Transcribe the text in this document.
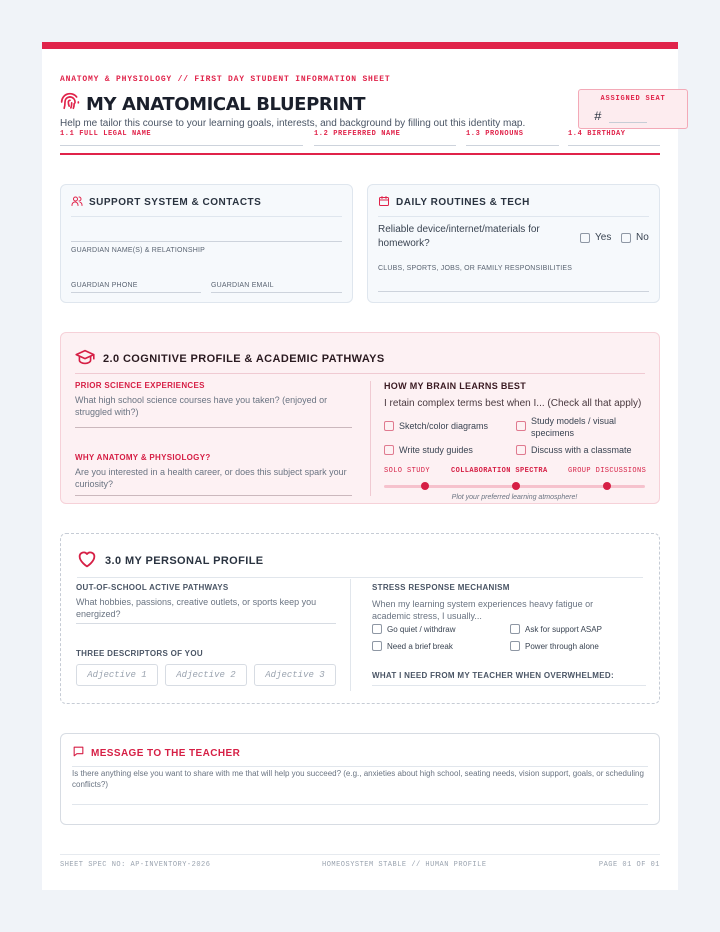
ANATOMY & PHYSIOLOGY // FIRST DAY STUDENT INFORMATION SHEET
MY ANATOMICAL BLUEPRINT
Help me tailor this course to your learning goals, interests, and background by filling out this identity map.
ASSIGNED SEAT
#
1.1 FULL LEGAL NAME	1.2 PREFERRED NAME	1.3 PRONOUNS	1.4 BIRTHDAY
SUPPORT SYSTEM & CONTACTS
GUARDIAN NAME(S) & RELATIONSHIP
GUARDIAN PHONE	GUARDIAN EMAIL
DAILY ROUTINES & TECH
Reliable device/internet/materials for homework?
Yes No
CLUBS, SPORTS, JOBS, OR FAMILY RESPONSIBILITIES
2.0 COGNITIVE PROFILE & ACADEMIC PATHWAYS
PRIOR SCIENCE EXPERIENCES
What high school science courses have you taken? (enjoyed or struggled with?)
WHY ANATOMY & PHYSIOLOGY?
Are you interested in a health career, or does this subject spark your curiosity?
HOW MY BRAIN LEARNS BEST
I retain complex terms best when I... (Check all that apply)
Sketch/color diagrams	Study models / visual specimens
Write study guides	Discuss with a classmate
SOLO STUDY	COLLABORATION SPECTRA	GROUP DISCUSSIONS
Plot your preferred learning atmosphere!
3.0 MY PERSONAL PROFILE
OUT-OF-SCHOOL ACTIVE PATHWAYS
What hobbies, passions, creative outlets, or sports keep you energized?
THREE DESCRIPTORS OF YOU
Adjective 1	Adjective 2	Adjective 3
STRESS RESPONSE MECHANISM
When my learning system experiences heavy fatigue or academic stress, I usually...
Go quiet / withdraw	Ask for support ASAP
Need a brief break	Power through alone
WHAT I NEED FROM MY TEACHER WHEN OVERWHELMED:
MESSAGE TO THE TEACHER
Is there anything else you want to share with me that will help you succeed? (e.g., anxieties about high school, seating needs, vision support, goals, or scheduling conflicts?)
SHEET SPEC NO: AP-INVENTORY-2026	HOMEOSYSTEM STABLE // HUMAN PROFILE	PAGE 01 OF 01
